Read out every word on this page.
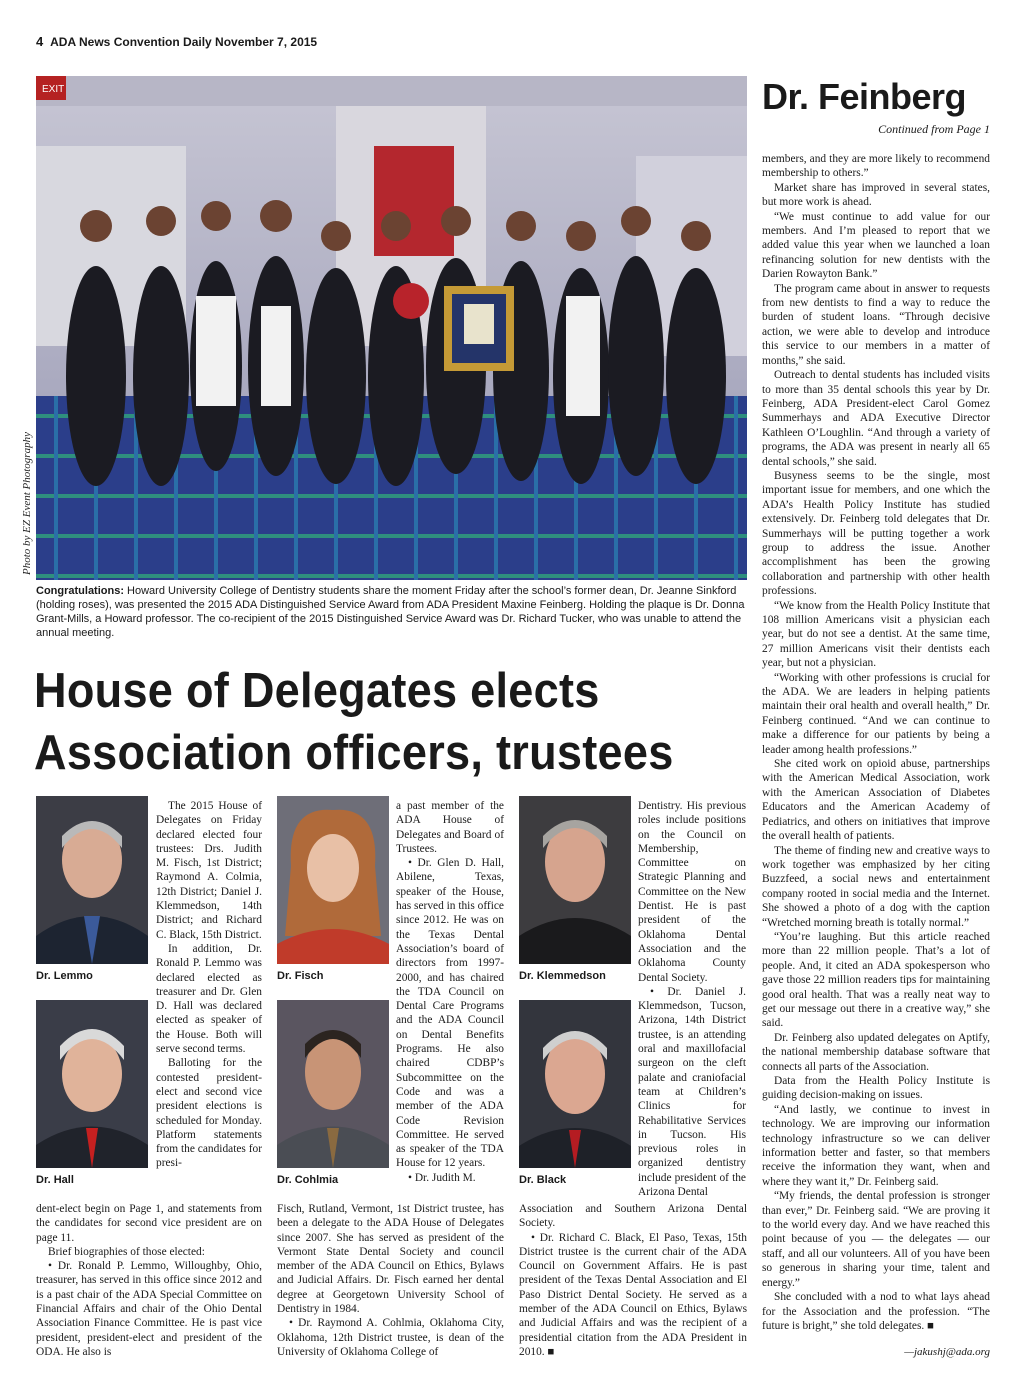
4 ADA News Convention Daily November 7, 2015
EXIT
Photo by EZ Event Photography
Congratulations: Howard University College of Dentistry students share the moment Friday after the school’s former dean, Dr. Jeanne Sinkford (holding roses), was presented the 2015 ADA Distinguished Service Award from ADA President Maxine Feinberg. Holding the plaque is Dr. Donna Grant-Mills, a Howard professor. The co-recipient of the 2015 Distinguished Service Award was Dr. Richard Tucker, who was unable to attend the annual meeting.
Dr. Feinberg
Continued from Page 1

members, and they are more likely to recommend membership to others.”

Market share has improved in several states, but more work is ahead.

“We must continue to add value for our members. And I’m pleased to report that we added value this year when we launched a loan refinancing solution for new dentists with the Darien Rowayton Bank.”

The program came about in answer to requests from new dentists to find a way to reduce the burden of student loans. “Through decisive action, we were able to develop and introduce this service to our members in a matter of months,” she said.

Outreach to dental students has included visits to more than 35 dental schools this year by Dr. Feinberg, ADA President-elect Carol Gomez Summerhays and ADA Executive Director Kathleen O’Loughlin. “And through a variety of programs, the ADA was present in nearly all 65 dental schools,” she said.

Busyness seems to be the single, most important issue for members, and one which the ADA’s Health Policy Institute has studied extensively. Dr. Feinberg told delegates that Dr. Summerhays will be putting together a work group to address the issue. Another accomplishment has been the growing collaboration and partnership with other health professions.

“We know from the Health Policy Institute that 108 million Americans visit a physician each year, but do not see a dentist. At the same time, 27 million Americans visit their dentists each year, but not a physician.

“Working with other professions is crucial for the ADA. We are leaders in helping patients maintain their oral health and overall health,” Dr. Feinberg continued. “And we can continue to make a difference for our patients by being a leader among health professions.”

She cited work on opioid abuse, partnerships with the American Medical Association, work with the American Association of Diabetes Educators and the American Academy of Pediatrics, and others on initiatives that improve the overall health of patients.

The theme of finding new and creative ways to work together was emphasized by her citing Buzzfeed, a social news and entertainment company rooted in social media and the Internet. She showed a photo of a dog with the caption “Wretched morning breath is totally normal.”

“You’re laughing. But this article reached more than 22 million people. That’s a lot of people. And, it cited an ADA spokesperson who gave those 22 million readers tips for maintaining good oral health. That was a really neat way to get our message out there in a creative way,” she said.

Dr. Feinberg also updated delegates on Aptify, the national membership database software that connects all parts of the Association.

Data from the Health Policy Institute is guiding decision-making on issues.

“And lastly, we continue to invest in technology. We are improving our information technology infrastructure so we can deliver information better and faster, so that members receive the information they want, when and where they want it,” Dr. Feinberg said.

“My friends, the dental profession is stronger than ever,” Dr. Feinberg said. “We are proving it to the world every day. And we have reached this point because of you — the delegates — our staff, and all our volunteers. All of you have been so generous in sharing your time, talent and energy.”

She concluded with a nod to what lays ahead for the Association and the profession. “The future is bright,” she told delegates. ■

—jakushj@ada.org
House of Delegates elects
Association officers, trustees
Dr. Lemmo
Dr. Hall
Dr. Fisch
Dr. Cohlmia
Dr. Klemmedson
Dr. Black

The 2015 House of Delegates on Friday declared elected four trustees: Drs. Judith M. Fisch, 1st District; Raymond A. Colmia, 12th District; Daniel J. Klemmedson, 14th District; and Richard C. Black, 15th District.

In addition, Dr. Ronald P. Lemmo was declared elected as treasurer and Dr. Glen D. Hall was declared elected as speaker of the House. Both will serve second terms.

Balloting for the contested president-elect and second vice president elections is scheduled for Monday. Platform statements from the candidates for presi-

dent-elect begin on Page 1, and statements from the candidates for second vice president are on page 11.

Brief biographies of those elected:

• Dr. Ronald P. Lemmo, Willoughby, Ohio, treasurer, has served in this office since 2012 and is a past chair of the ADA Special Committee on Financial Affairs and chair of the Ohio Dental Association Finance Committee. He is past vice president, president-elect and president of the ODA. He also is

a past member of the ADA House of Delegates and Board of Trustees.

• Dr. Glen D. Hall, Abilene, Texas, speaker of the House, has served in this office since 2012. He was on the Texas Dental Association’s board of directors from 1997-2000, and has chaired the TDA Council on Dental Care Programs and the ADA Council on Dental Benefits Programs. He also chaired CDBP’s Subcommittee on the Code and was a member of the ADA Code Revision Committee. He served as speaker of the TDA House for 12 years.

• Dr. Judith M.

Fisch, Rutland, Vermont, 1st District trustee, has been a delegate to the ADA House of Delegates since 2007. She has served as president of the Vermont State Dental Society and council member of the ADA Council on Ethics, Bylaws and Judicial Affairs. Dr. Fisch earned her dental degree at Georgetown University School of Dentistry in 1984.

• Dr. Raymond A. Cohlmia, Oklahoma City, Oklahoma, 12th District trustee, is dean of the University of Oklahoma College of

Dentistry. His previous roles include positions on the Council on Membership, Committee on Strategic Planning and Committee on the New Dentist. He is past president of the Oklahoma Dental Association and the Oklahoma County Dental Society.

• Dr. Daniel J. Klemmedson, Tucson, Arizona, 14th District trustee, is an attending oral and maxillofacial surgeon on the cleft palate and craniofacial team at Children’s Clinics for Rehabilitative Services in Tucson. His previous roles in organized dentistry include president of the Arizona Dental

Association and Southern Arizona Dental Society.

• Dr. Richard C. Black, El Paso, Texas, 15th District trustee is the current chair of the ADA Council on Government Affairs. He is past president of the Texas Dental Association and El Paso District Dental Society. He served as a member of the ADA Council on Ethics, Bylaws and Judicial Affairs and was the recipient of a presidential citation from the ADA President in 2010. ■
